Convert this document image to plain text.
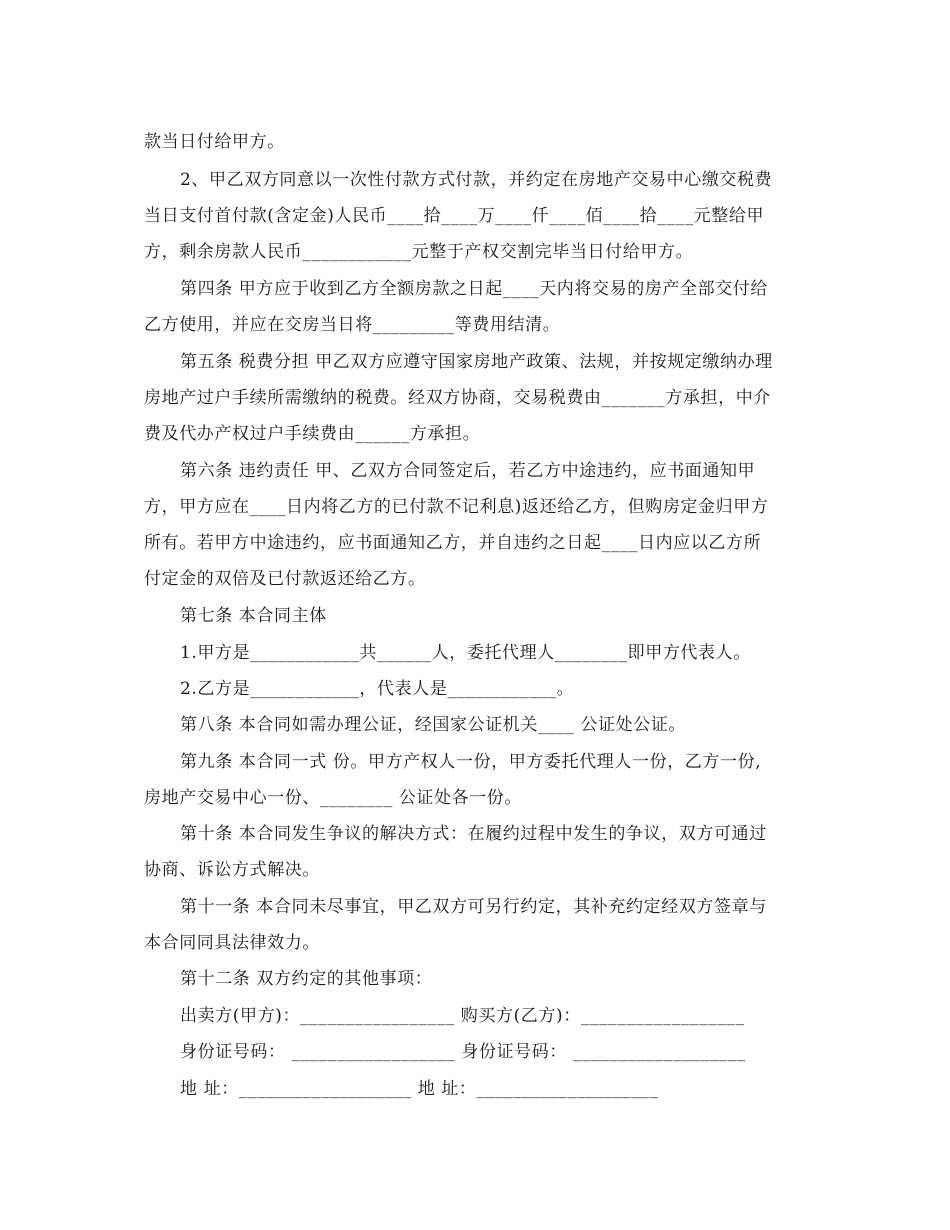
款当日付给甲方。
2、甲乙双方同意以一次性付款方式付款，并约定在房地产交易中心缴交税费
当日支付首付款(含定金)人民币____拾____万____仟____佰____拾____元整给甲
方，剩余房款人民币____________元整于产权交割完毕当日付给甲方。
第四条 甲方应于收到乙方全额房款之日起____天内将交易的房产全部交付给
乙方使用，并应在交房当日将_________等费用结清。
第五条 税费分担 甲乙双方应遵守国家房地产政策、法规，并按规定缴纳办理
房地产过户手续所需缴纳的税费。经双方协商，交易税费由_______方承担，中介
费及代办产权过户手续费由______方承担。
第六条 违约责任 甲、乙双方合同签定后，若乙方中途违约，应书面通知甲
方，甲方应在____日内将乙方的已付款不记利息)返还给乙方，但购房定金归甲方
所有。若甲方中途违约，应书面通知乙方，并自违约之日起____日内应以乙方所
付定金的双倍及已付款返还给乙方。
第七条 本合同主体
1.甲方是____________共______人，委托代理人________即甲方代表人。
2.乙方是____________，代表人是____________。
第八条 本合同如需办理公证，经国家公证机关____ 公证处公证。
第九条 本合同一式 份。甲方产权人一份，甲方委托代理人一份，乙方一份,
房地产交易中心一份、________ 公证处各一份。
第十条 本合同发生争议的解决方式：在履约过程中发生的争议，双方可通过
协商、诉讼方式解决。
第十一条 本合同未尽事宜，甲乙双方可另行约定，其补充约定经双方签章与
本合同同具法律效力。
第十二条 双方约定的其他事项：
出卖方(甲方)：_________________ 购买方(乙方)：__________________
身份证号码： __________________ 身份证号码： ___________________
地 址：___________________ 地 址：____________________
